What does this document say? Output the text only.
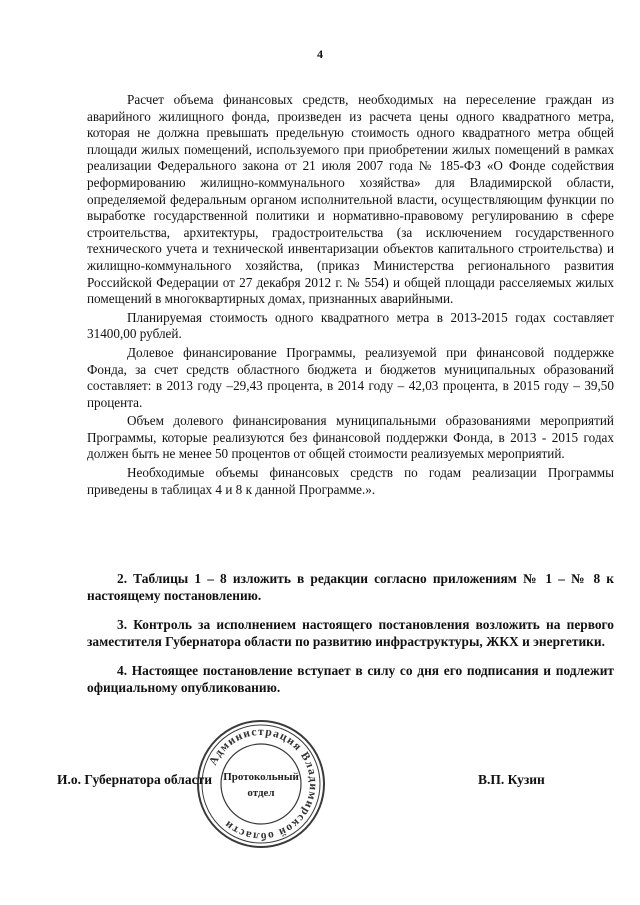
4

Расчет объема финансовых средств, необходимых на переселение граждан из аварийного жилищного фонда, произведен из расчета цены одного квадратного метра, которая не должна превышать предельную стоимость одного квадратного метра общей площади жилых помещений, используемого при приобретении жилых помещений в рамках реализации Федерального закона от 21 июля 2007 года № 185-ФЗ «О Фонде содействия реформированию жилищно-коммунального хозяйства» для Владимирской области, определяемой федеральным органом исполнительной власти, осуществляющим функции по выработке государственной политики и нормативно-правовому регулированию в сфере строительства, архитектуры, градостроительства (за исключением государственного технического учета и технической инвентаризации объектов капитального строительства) и жилищно-коммунального хозяйства, (приказ Министерства регионального развития Российской Федерации от 27 декабря 2012 г. № 554) и общей площади расселяемых жилых помещений в многоквартирных домах, признанных аварийными.

Планируемая стоимость одного квадратного метра в 2013-2015 годах составляет 31400,00 рублей.

Долевое финансирование Программы, реализуемой при финансовой поддержке Фонда, за счет средств областного бюджета и бюджетов муниципальных образований составляет: в 2013 году –29,43 процента, в 2014 году – 42,03 процента, в 2015 году – 39,50 процента.

Объем долевого финансирования муниципальными образованиями мероприятий Программы, которые реализуются без финансовой поддержки Фонда, в 2013 - 2015 годах должен быть не менее 50 процентов от общей стоимости реализуемых мероприятий.

Необходимые объемы финансовых средств по годам реализации Программы приведены в таблицах 4 и 8 к данной Программе.».

2. Таблицы 1 – 8 изложить в редакции согласно приложениям № 1 – № 8 к настоящему постановлению.

3. Контроль за исполнением настоящего постановления возложить на первого заместителя Губернатора области по развитию инфраструктуры, ЖКХ и энергетики.

4. Настоящее постановление вступает в силу со дня его подписания и подлежит официальному опубликованию.

Администрация Владимирской области
Протокольный
отдел
И.о. Губернатора области	В.П. Кузин
